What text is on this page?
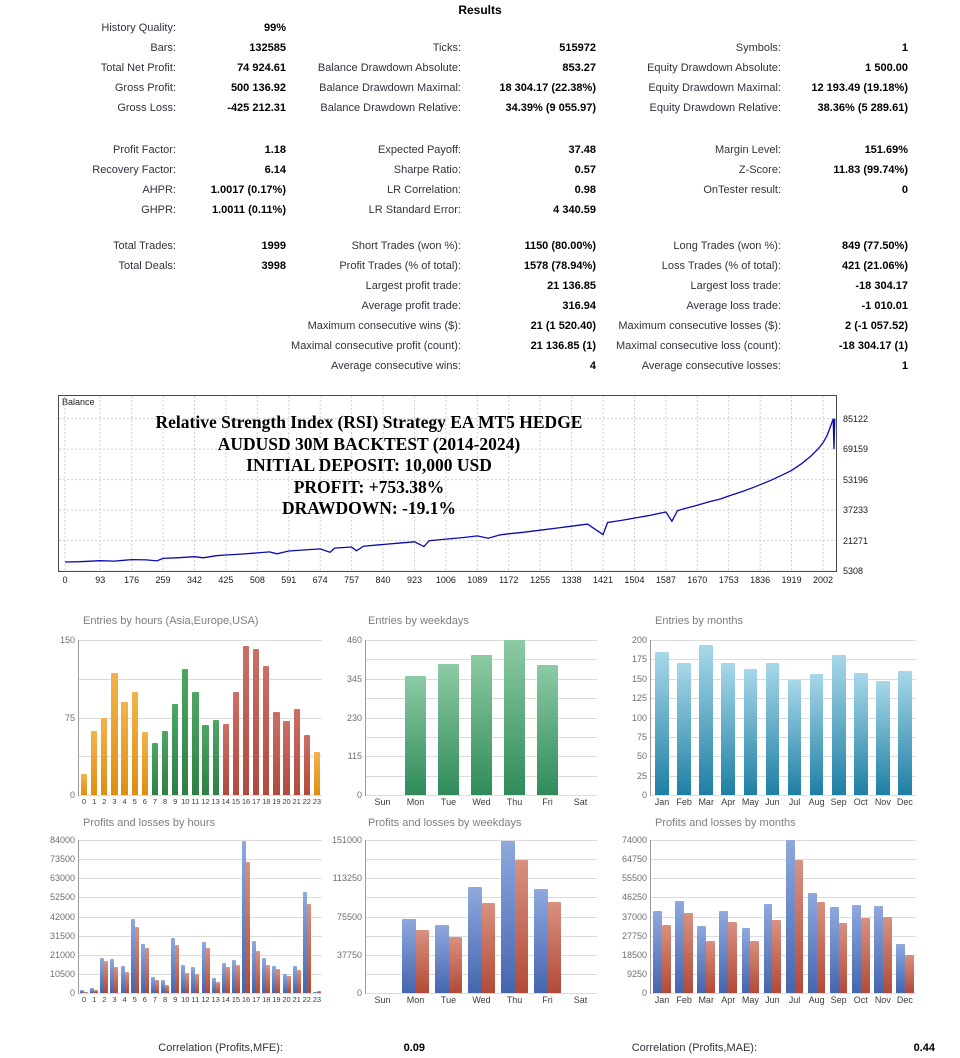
Results
History Quality:	99%
Bars:	132585	Ticks:	515972	Symbols:	1
Total Net Profit:	74 924.61	Balance Drawdown Absolute:	853.27	Equity Drawdown Absolute:	1 500.00
Gross Profit:	500 136.92	Balance Drawdown Maximal:	18 304.17 (22.38%)	Equity Drawdown Maximal:	12 193.49 (19.18%)
Gross Loss:	-425 212.31	Balance Drawdown Relative:	34.39% (9 055.97)	Equity Drawdown Relative:	38.36% (5 289.61)
Profit Factor:	1.18	Expected Payoff:	37.48	Margin Level:	151.69%
Recovery Factor:	6.14	Sharpe Ratio:	0.57	Z-Score:	11.83 (99.74%)
AHPR:	1.0017 (0.17%)	LR Correlation:	0.98	OnTester result:	0
GHPR:	1.0011 (0.11%)	LR Standard Error:	4 340.59
Total Trades:	1999	Short Trades (won %):	1150 (80.00%)	Long Trades (won %):	849 (77.50%)
Total Deals:	3998	Profit Trades (% of total):	1578 (78.94%)	Loss Trades (% of total):	421 (21.06%)
Largest profit trade:	21 136.85	Largest loss trade:	-18 304.17
Average profit trade:	316.94	Average loss trade:	-1 010.01
Maximum consecutive wins ($):	21 (1 520.40)	Maximum consecutive losses ($):	2 (-1 057.52)
Maximal consecutive profit (count):	21 136.85 (1)	Maximal consecutive loss (count):	-18 304.17 (1)
Average consecutive wins:	4	Average consecutive losses:	1
Balance
Relative Strength Index (RSI) Strategy EA MT5 HEDGE
AUDUSD 30M BACKTEST (2014-2024)
INITIAL DEPOSIT: 10,000 USD
PROFIT: +753.38%
DRAWDOWN: -19.1%
0	93	176	259	342	425	508	591	674	757	840	923	1006	1089	1172	1255	1338	1421	1504	1587	1670	1753	1836	1919	2002
5308
21271
37233
53196
69159
85122
Entries by hours (Asia,Europe,USA)	Entries by weekdays	Entries by months
Profits and losses by hours	Profits and losses by weekdays	Profits and losses by months
0
75
150
0 1 2 3 4 5 6 7 8 9 10 11 12 13 14 15 16 17 18 19 20 21 22 23
0
115
230
345
460
Sun	Mon	Tue	Wed	Thu	Fri	Sat
0
25
50
75
100
125
150
175
200
Jan Feb Mar Apr May Jun	Jul Aug Sep Oct Nov Dec
0
10500
21000
31500
42000
52500
63000
73500
84000
0 1 2 3 4 5 6 7 8 9 10 11 12 13 14 15 16 17 18 19 20 21 22 23
0
37750
75500
113250
151000
Sun	Mon	Tue	Wed	Thu	Fri	Sat
0
9250
18500
27750
37000
46250
55500
64750
74000
Jan Feb Mar Apr May Jun	Jul Aug Sep Oct Nov Dec
Correlation (Profits,MFE):	0.09	Correlation (Profits,MAE):	0.44
